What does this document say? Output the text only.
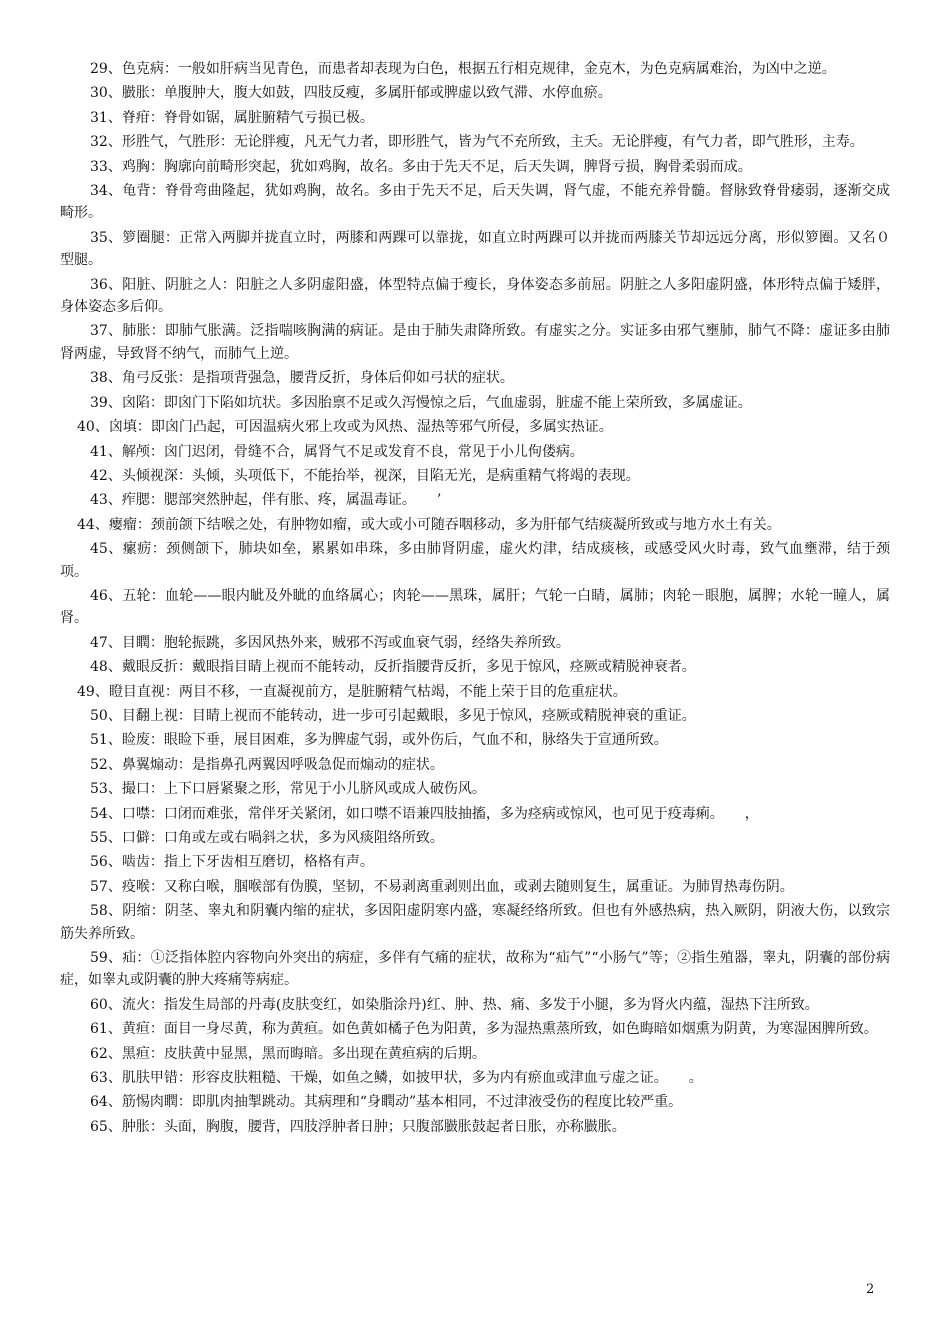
29、色克病：一般如肝病当见青色，而患者却表现为白色，根据五行相克规律，金克木，为色克病属难治，为凶中之逆。

30、臌胀：单腹肿大，腹大如鼓，四肢反瘦，多属肝郁或脾虚以致气滞、水停血瘀。

31、脊疳：脊骨如锯，属脏腑精气亏损已极。

32、形胜气，气胜形：无论胖瘦，凡无气力者，即形胜气，皆为气不充所致，主夭。无论胖瘦，有气力者，即气胜形，主寿。

33、鸡胸：胸廓向前畸形突起，犹如鸡胸，故名。多由于先天不足，后天失调，脾肾亏损，胸骨柔弱而成。

34、龟背：脊骨弯曲隆起，犹如鸡胸，故名。多由于先天不足，后天失调，肾气虚，不能充养骨髓。督脉致脊骨痿弱，逐渐交成畸形。

35、箩圈腿：正常入两脚并拢直立时，两膝和两踝可以靠拢，如直立时两踝可以并拢而两膝关节却远远分离，形似箩圈。又名０型腿。

36、阳脏、阴脏之人：阳脏之人多阴虚阳盛，体型特点偏于瘦长，身体姿态多前屈。阴脏之人多阳虚阴盛，体形特点偏于矮胖，身体姿态多后仰。

37、肺胀：即肺气胀满。泛指喘咳胸满的病证。是由于肺失肃降所致。有虚实之分。实证多由邪气壅肺，肺气不降：虚证多由肺肾两虚，导致肾不纳气，而肺气上逆。

38、角弓反张：是指项背强急，腰背反折，身体后仰如弓状的症状。

39、囟陷：即囟门下陷如坑状。多因胎禀不足或久泻慢惊之后，气血虚弱，脏虚不能上荣所致，多属虚证。

40、囟填：即囟门凸起，可因温病火邪上攻或为风热、湿热等邪气所侵，多属实热证。

41、解颅：囟门迟闭，骨缝不合，属肾气不足或发育不良，常见于小儿佝偻病。

42、头倾视深：头倾，头项低下，不能抬举，视深，目陷无光，是病重精气将竭的表现。

43、痄腮：腮部突然肿起，伴有胀、疼，属温毒证。　　’

44、瘿瘤：颈前颌下结喉之处，有肿物如瘤，或大或小可随吞咽移动，多为肝郁气结痰凝所致或与地方水土有关。

45、瘰疬：颈侧颌下，肺块如垒，累累如串珠，多由肺肾阴虚，虚火灼津，结成痰核，或感受风火时毒，致气血壅滞，结于颈项。

46、五轮：血轮——眼内眦及外眦的血络属心；肉轮——黑珠，属肝；气轮一白睛，属肺；肉轮－眼胞，属脾；水轮一瞳人，属肾。

47、目瞤：胞轮振跳，多因风热外来，贼邪不泻或血衰气弱，经络失养所致。

48、戴眼反折：戴眼指目睛上视而不能转动，反折指腰背反折，多见于惊风，痉厥或精脱神衰者。

49、瞪目直视：两目不移，一直凝视前方，是脏腑精气枯竭，不能上荣于目的危重症状。

50、目翻上视：目睛上视而不能转动，进一步可引起戴眼，多见于惊风，痉厥或精脱神衰的重证。

51、睑废：眼睑下垂，展目困难，多为脾虚气弱，或外伤后，气血不和，脉络失于宣通所致。

52、鼻翼煽动：是指鼻孔两翼因呼吸急促而煽动的症状。

53、撮口：上下口唇紧聚之形，常见于小儿脐风或成人破伤风。

54、口噤：口闭而难张，常伴牙关紧闭，如口噤不语兼四肢抽搐，多为痉病或惊风，也可见于疫毒痢。　　，

55、口僻：口角或左或右喎斜之状，多为风痰阻络所致。

56、啮齿：指上下牙齿相互磨切，格格有声。

57、疫喉：又称白喉，腘喉部有伪膜，坚韧，不易剥离重剥则出血，或剥去随则复生，属重证。为肺胃热毒伤阴。

58、阴缩：阴茎、睾丸和阴囊内缩的症状，多因阳虚阴寒内盛，寒凝经络所致。但也有外感热病，热入厥阴，阴液大伤，以致宗筋失养所致。

59、疝：①泛指体腔内容物向外突出的病症，多伴有气痛的症状，故称为“疝气”“小肠气”等；②指生殖器，睾丸，阴囊的部份病症，如睾丸或阴囊的肿大疼痛等病症。

60、流火：指发生局部的丹毒(皮肤变红，如染脂涂丹)红、肿、热、痛、多发于小腿，多为肾火内蕴，湿热下注所致。

61、黄疸：面目一身尽黄，称为黄疸。如色黄如橘子色为阳黄，多为湿热熏蒸所致，如色晦暗如烟熏为阴黄，为寒湿困脾所致。

62、黑疸：皮肤黄中显黑，黑而晦暗。多出现在黄疸病的后期。

63、肌肤甲错：形容皮肤粗糙、干燥，如鱼之鳞，如披甲状，多为内有瘀血或津血亏虚之证。　　。

64、筋惕肉瞤：即肌肉抽掣跳动。其病理和“身瞤动”基本相同，不过津液受伤的程度比较严重。

65、肿胀：头面，胸腹，腰背，四肢浮肿者日肿；只腹部臌胀鼓起者日胀，亦称臌胀。

2
